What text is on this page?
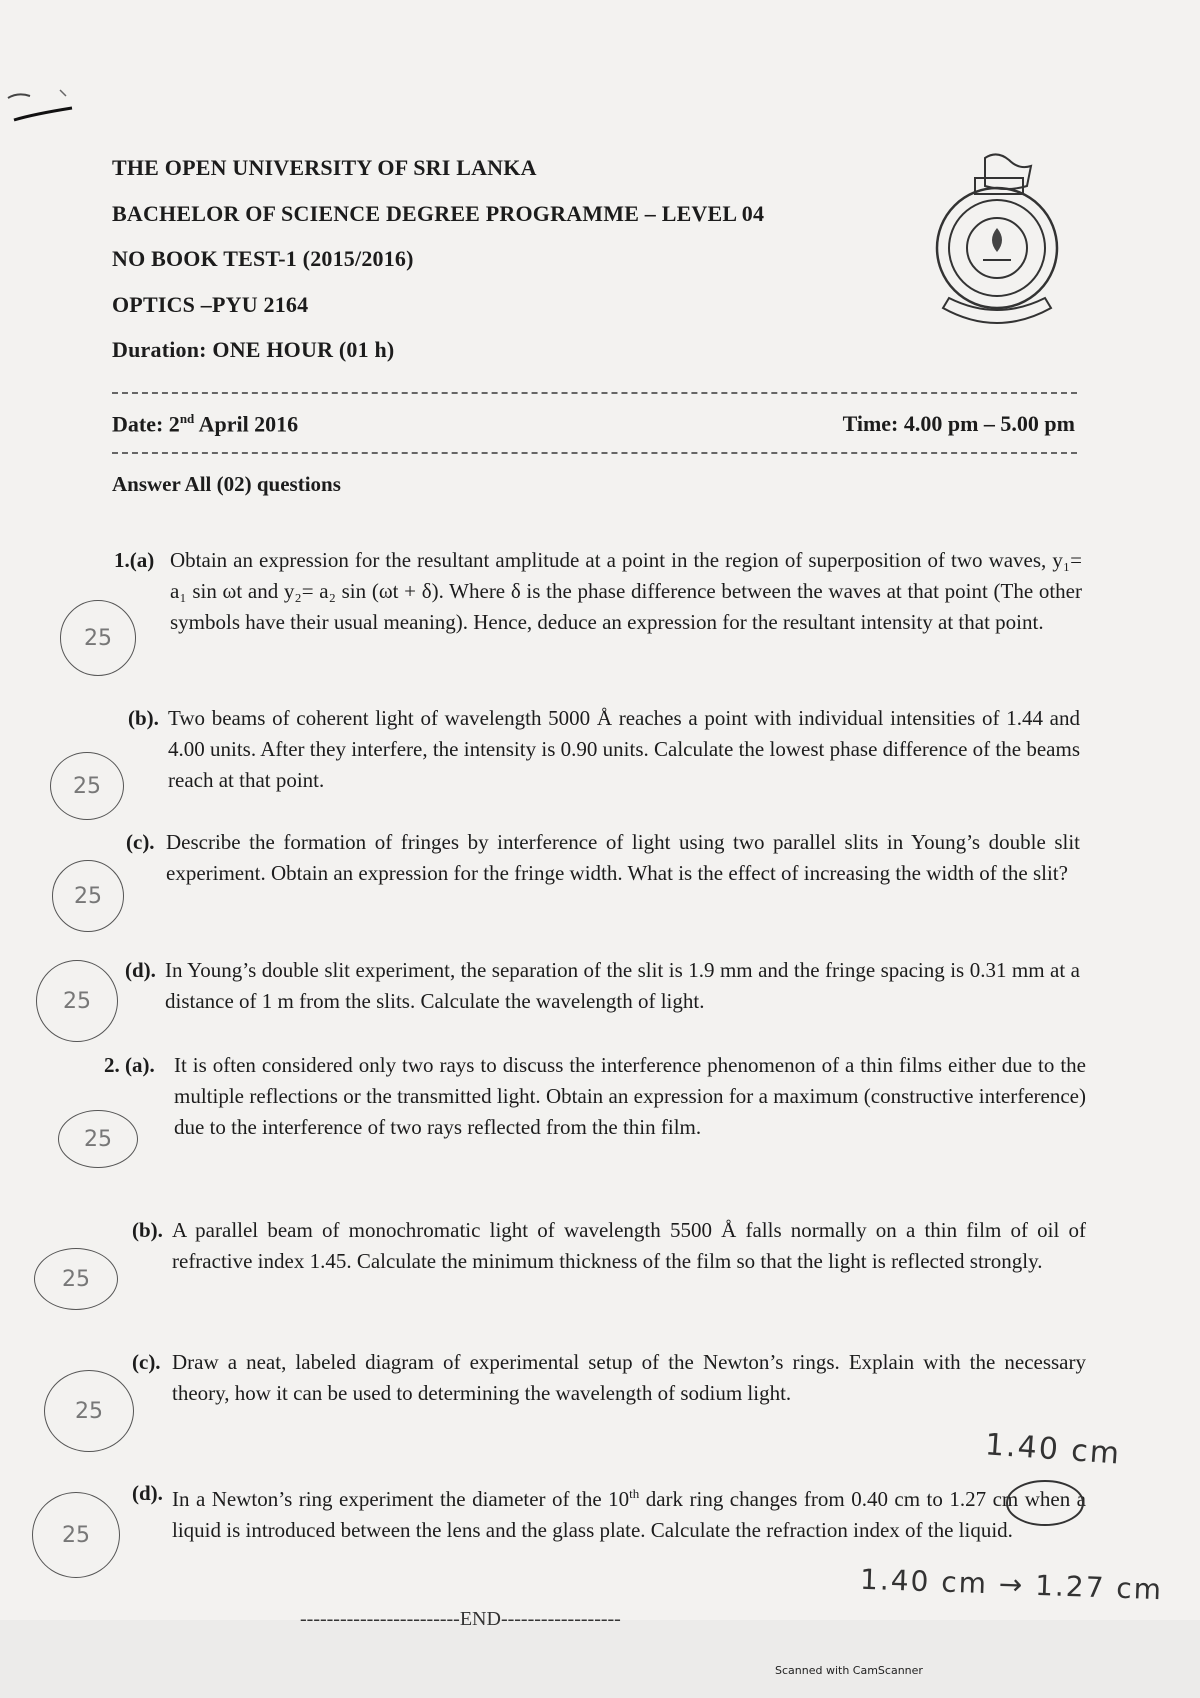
THE OPEN UNIVERSITY OF SRI LANKA
BACHELOR OF SCIENCE DEGREE PROGRAMME – LEVEL 04
NO BOOK TEST-1 (2015/2016)
OPTICS –PYU 2164
Duration: ONE HOUR (01 h)
Date: 2nd April 2016	Time: 4.00 pm – 5.00 pm
Answer All (02) questions
1.(a) Obtain an expression for the resultant amplitude at a point in the region of superposition of two waves, y₁= a₁ sin ωt and y₂= a₂ sin (ωt + δ). Where δ is the phase difference between the waves at that point (The other symbols have their usual meaning). Hence, deduce an expression for the resultant intensity at that point.
(b). Two beams of coherent light of wavelength 5000 Å reaches a point with individual intensities of 1.44 and 4.00 units. After they interfere, the intensity is 0.90 units. Calculate the lowest phase difference of the beams reach at that point.
(c). Describe the formation of fringes by interference of light using two parallel slits in Young’s double slit experiment. Obtain an expression for the fringe width. What is the effect of increasing the width of the slit?
(d). In Young’s double slit experiment, the separation of the slit is 1.9 mm and the fringe spacing is 0.31 mm at a distance of 1 m from the slits. Calculate the wavelength of light.
2. (a). It is often considered only two rays to discuss the interference phenomenon of a thin films either due to the multiple reflections or the transmitted light. Obtain an expression for a maximum (constructive interference) due to the interference of two rays reflected from the thin film.
(b). A parallel beam of monochromatic light of wavelength 5500 Å falls normally on a thin film of oil of refractive index 1.45. Calculate the minimum thickness of the film so that the light is reflected strongly.
(c). Draw a neat, labeled diagram of experimental setup of the Newton’s rings. Explain with the necessary theory, how it can be used to determining the wavelength of sodium light.
(d). In a Newton’s ring experiment the diameter of the 10th dark ring changes from 0.40 cm to 1.27 cm when a liquid is introduced between the lens and the glass plate. Calculate the refraction index of the liquid.
25
25
25
25
25
25
25
25
1.40 cm
1.40 cm → 1.27 cm
------------------------END------------------
Scanned with CamScanner
